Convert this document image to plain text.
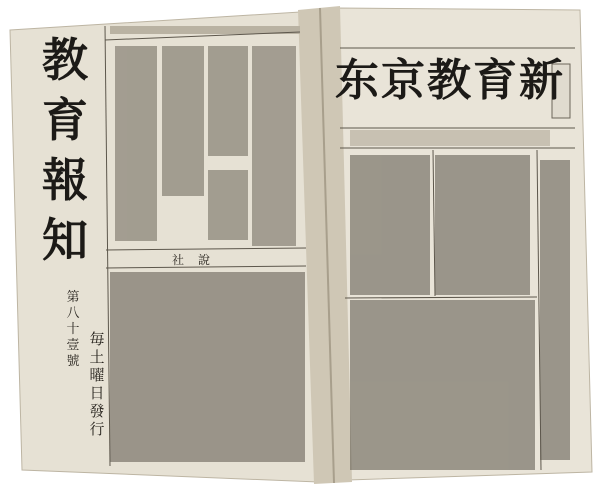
教
育
報
知
第八十壹號
毎土曜日發行
社說
东京教育新
